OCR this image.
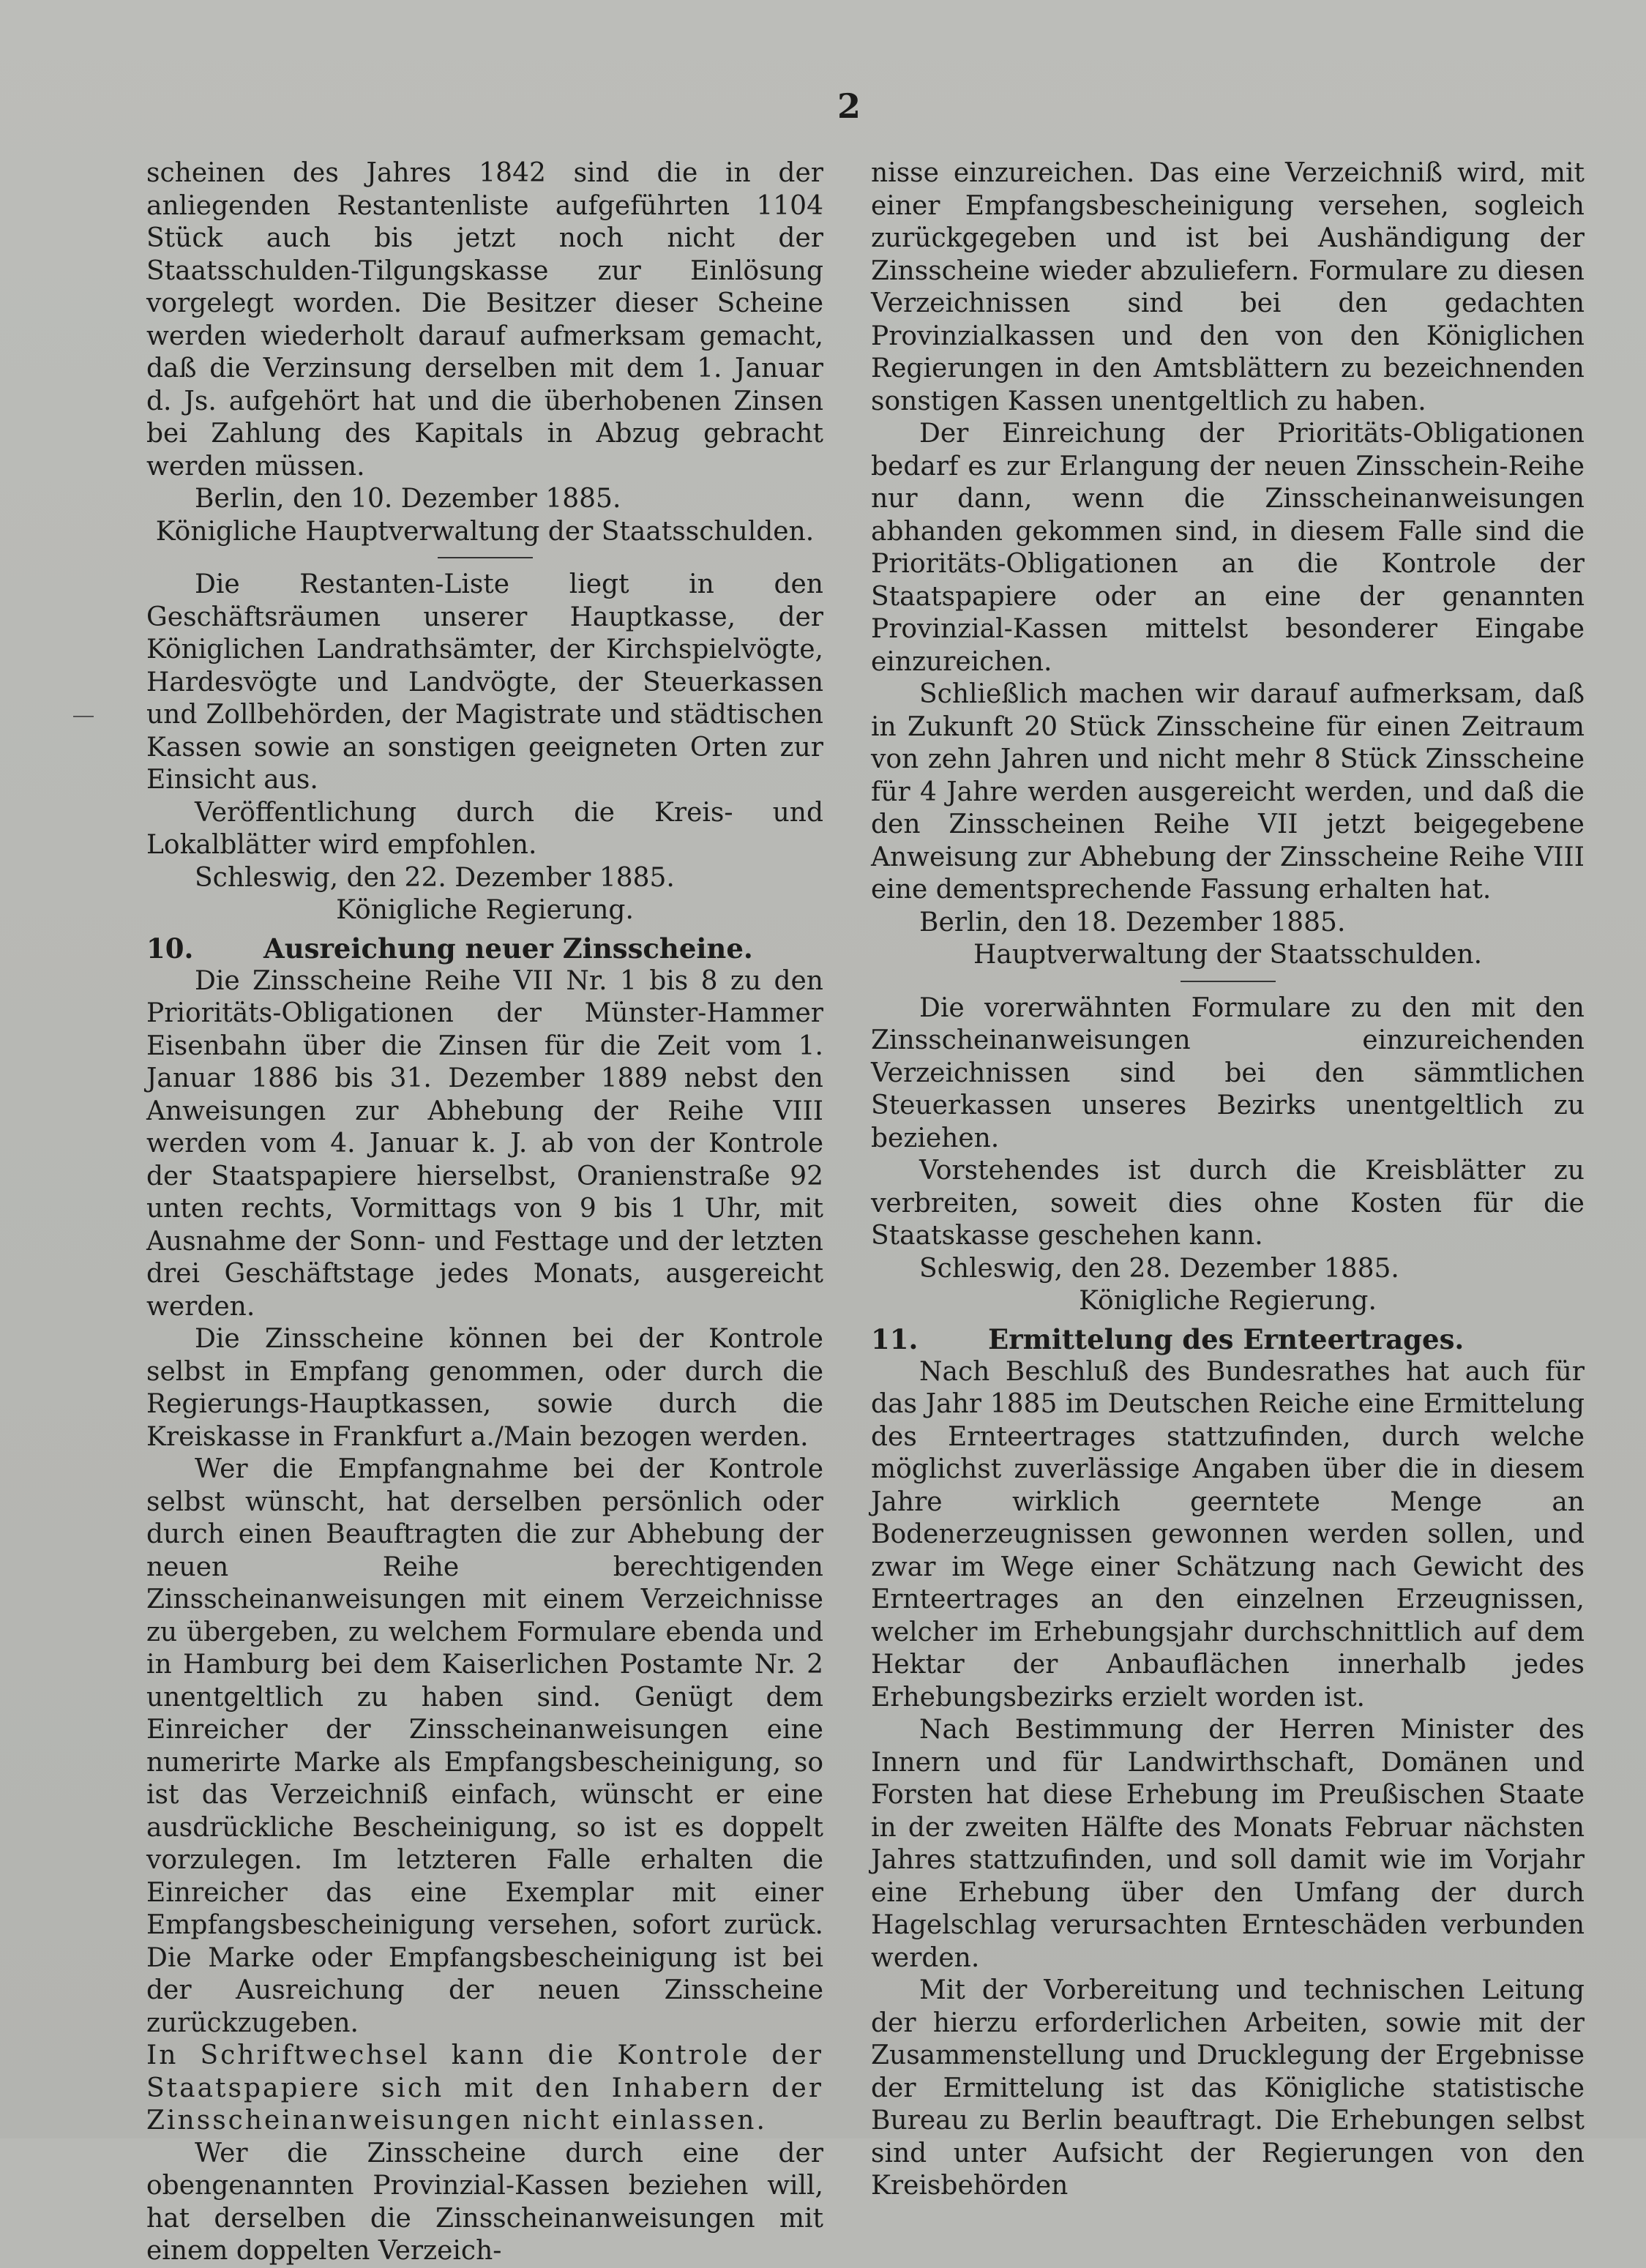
2

scheinen des Jahres 1842 sind die in der anliegenden Restantenliste aufgeführten 1104 Stück auch bis jetzt noch nicht der Staatsschulden-Tilgungskasse zur Einlösung vorgelegt worden. Die Besitzer dieser Scheine werden wiederholt darauf aufmerksam gemacht, daß die Verzinsung derselben mit dem 1. Januar d. Js. aufgehört hat und die überhobenen Zinsen bei Zahlung des Kapitals in Abzug gebracht werden müssen.

Berlin, den 10. Dezember 1885.

Königliche Hauptverwaltung der Staatsschulden.

Die Restanten-Liste liegt in den Geschäftsräumen unserer Hauptkasse, der Königlichen Landrathsämter, der Kirchspielvögte, Hardesvögte und Landvögte, der Steuerkassen und Zollbehörden, der Magistrate und städtischen Kassen sowie an sonstigen geeigneten Orten zur Einsicht aus.

Veröffentlichung durch die Kreis- und Lokalblätter wird empfohlen.

Schleswig, den 22. Dezember 1885.

Königliche Regierung.

10.	Ausreichung neuer Zinsscheine.

Die Zinsscheine Reihe VII Nr. 1 bis 8 zu den Prioritäts-Obligationen der Münster-Hammer Eisenbahn über die Zinsen für die Zeit vom 1. Januar 1886 bis 31. Dezember 1889 nebst den Anweisungen zur Abhebung der Reihe VIII werden vom 4. Januar k. J. ab von der Kontrole der Staatspapiere hierselbst, Oranienstraße 92 unten rechts, Vormittags von 9 bis 1 Uhr, mit Ausnahme der Sonn- und Festtage und der letzten drei Geschäftstage jedes Monats, ausgereicht werden.

Die Zinsscheine können bei der Kontrole selbst in Empfang genommen, oder durch die Regierungs-Hauptkassen, sowie durch die Kreiskasse in Frankfurt a./Main bezogen werden.

Wer die Empfangnahme bei der Kontrole selbst wünscht, hat derselben persönlich oder durch einen Beauftragten die zur Abhebung der neuen Reihe berechtigenden Zinsscheinanweisungen mit einem Verzeichnisse zu übergeben, zu welchem Formulare ebenda und in Hamburg bei dem Kaiserlichen Postamte Nr. 2 unentgeltlich zu haben sind. Genügt dem Einreicher der Zinsscheinanweisungen eine numerirte Marke als Empfangsbescheinigung, so ist das Verzeichniß einfach, wünscht er eine ausdrückliche Bescheinigung, so ist es doppelt vorzulegen. Im letzteren Falle erhalten die Einreicher das eine Exemplar mit einer Empfangsbescheinigung versehen, sofort zurück. Die Marke oder Empfangsbescheinigung ist bei der Ausreichung der neuen Zinsscheine zurückzugeben.

In Schriftwechsel kann die Kontrole der Staatspapiere sich mit den Inhabern der Zinsscheinanweisungen nicht einlassen.

Wer die Zinsscheine durch eine der obengenannten Provinzial-Kassen beziehen will, hat derselben die Zinsscheinanweisungen mit einem doppelten Verzeich-

nisse einzureichen. Das eine Verzeichniß wird, mit einer Empfangsbescheinigung versehen, sogleich zurückgegeben und ist bei Aushändigung der Zinsscheine wieder abzuliefern. Formulare zu diesen Verzeichnissen sind bei den gedachten Provinzialkassen und den von den Königlichen Regierungen in den Amtsblättern zu bezeichnenden sonstigen Kassen unentgeltlich zu haben.

Der Einreichung der Prioritäts-Obligationen bedarf es zur Erlangung der neuen Zinsschein-Reihe nur dann, wenn die Zinsscheinanweisungen abhanden gekommen sind, in diesem Falle sind die Prioritäts-Obligationen an die Kontrole der Staatspapiere oder an eine der genannten Provinzial-Kassen mittelst besonderer Eingabe einzureichen.

Schließlich machen wir darauf aufmerksam, daß in Zukunft 20 Stück Zinsscheine für einen Zeitraum von zehn Jahren und nicht mehr 8 Stück Zinsscheine für 4 Jahre werden ausgereicht werden, und daß die den Zinsscheinen Reihe VII jetzt beigegebene Anweisung zur Abhebung der Zinsscheine Reihe VIII eine dementsprechende Fassung erhalten hat.

Berlin, den 18. Dezember 1885.

Hauptverwaltung der Staatsschulden.

Die vorerwähnten Formulare zu den mit den Zinsscheinanweisungen einzureichenden Verzeichnissen sind bei den sämmtlichen Steuerkassen unseres Bezirks unentgeltlich zu beziehen.

Vorstehendes ist durch die Kreisblätter zu verbreiten, soweit dies ohne Kosten für die Staatskasse geschehen kann.

Schleswig, den 28. Dezember 1885.

Königliche Regierung.

11.	Ermittelung des Ernteertrages.

Nach Beschluß des Bundesrathes hat auch für das Jahr 1885 im Deutschen Reiche eine Ermittelung des Ernteertrages stattzufinden, durch welche möglichst zuverlässige Angaben über die in diesem Jahre wirklich geerntete Menge an Bodenerzeugnissen gewonnen werden sollen, und zwar im Wege einer Schätzung nach Gewicht des Ernteertrages an den einzelnen Erzeugnissen, welcher im Erhebungsjahr durchschnittlich auf dem Hektar der Anbauflächen innerhalb jedes Erhebungsbezirks erzielt worden ist.

Nach Bestimmung der Herren Minister des Innern und für Landwirthschaft, Domänen und Forsten hat diese Erhebung im Preußischen Staate in der zweiten Hälfte des Monats Februar nächsten Jahres stattzufinden, und soll damit wie im Vorjahr eine Erhebung über den Umfang der durch Hagelschlag verursachten Ernteschäden verbunden werden.

Mit der Vorbereitung und technischen Leitung der hierzu erforderlichen Arbeiten, sowie mit der Zusammenstellung und Drucklegung der Ergebnisse der Ermittelung ist das Königliche statistische Bureau zu Berlin beauftragt. Die Erhebungen selbst sind unter Aufsicht der Regierungen von den Kreisbehörden
